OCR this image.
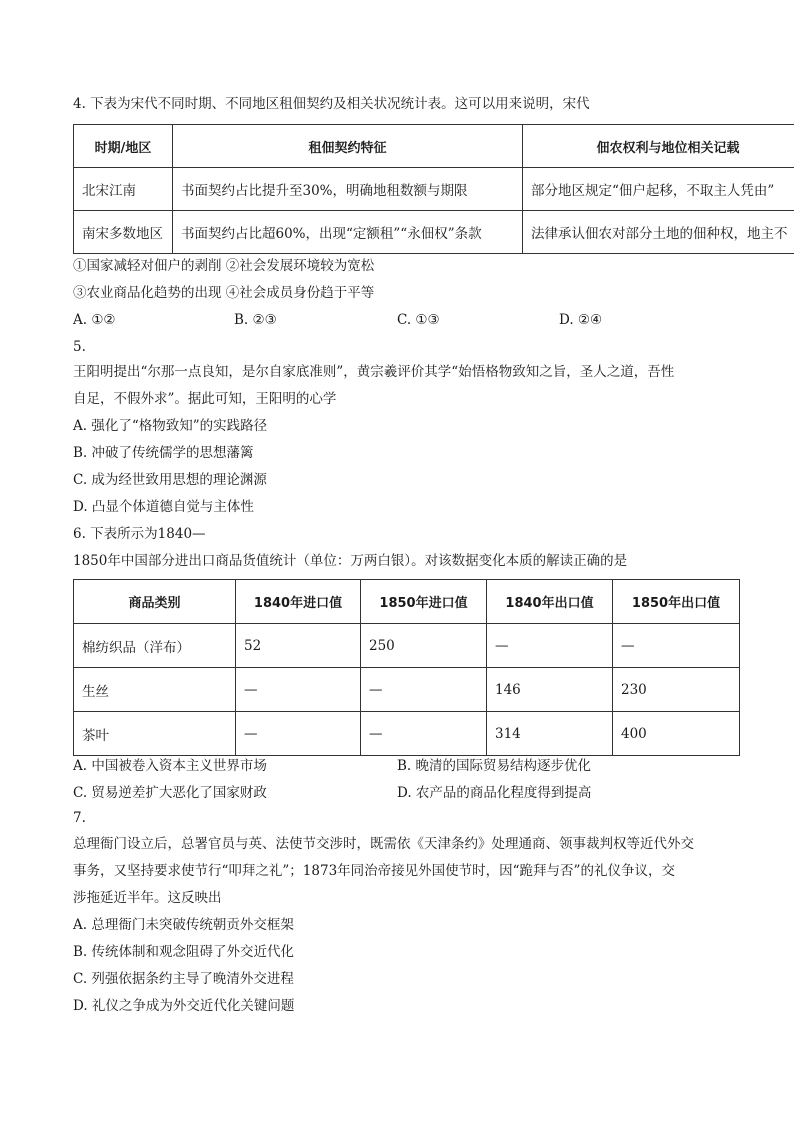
4. 下表为宋代不同时期、不同地区租佃契约及相关状况统计表。这可以用来说明，宋代
时期/地区	租佃契约特征	佃农权利与地位相关记载
北宋江南	书面契约占比提升至30%，明确地租数额与期限	部分地区规定“佃户起移，不取主人凭由”
南宋多数地区	书面契约占比超60%，出现“定额租”“永佃权”条款	法律承认佃农对部分土地的佃种权，地主不
①国家减轻对佃户的剥削 ②社会发展环境较为宽松
③农业商品化趋势的出现 ④社会成员身份趋于平等
A. ①②	B. ②③	C. ①③	D. ②④
5.
王阳明提出“尔那一点良知，是尔自家底准则”，黄宗羲评价其学“始悟格物致知之旨，圣人之道，吾性
自足，不假外求”。据此可知，王阳明的心学
A. 强化了“格物致知”的实践路径
B. 冲破了传统儒学的思想藩篱
C. 成为经世致用思想的理论渊源
D. 凸显个体道德自觉与主体性
6. 下表所示为1840—
1850年中国部分进出口商品货值统计（单位：万两白银）。对该数据变化本质的解读正确的是
商品类别	1840年进口值	1850年进口值	1840年出口值	1850年出口值
棉纺织品（洋布）	52	250	—	—
生丝	—	—	146	230
茶叶	—	—	314	400
A. 中国被卷入资本主义世界市场	B. 晚清的国际贸易结构逐步优化
C. 贸易逆差扩大恶化了国家财政	D. 农产品的商品化程度得到提高
7.
总理衙门设立后，总署官员与英、法使节交涉时，既需依《天津条约》处理通商、领事裁判权等近代外交
事务，又坚持要求使节行“叩拜之礼”；1873年同治帝接见外国使节时，因“跪拜与否”的礼仪争议，交
涉拖延近半年。这反映出
A. 总理衙门未突破传统朝贡外交框架
B. 传统体制和观念阻碍了外交近代化
C. 列强依据条约主导了晚清外交进程
D. 礼仪之争成为外交近代化关键问题
